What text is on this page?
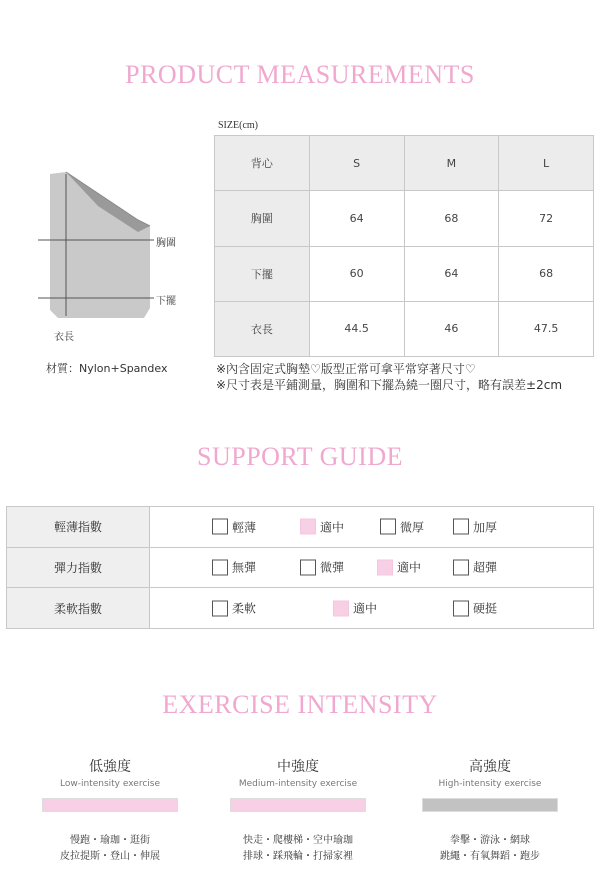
PRODUCT MEASUREMENTS
SUPPORT GUIDE
EXERCISE INTENSITY
胸圍
下擺
衣長
材質：Nylon+Spandex
SIZE(cm)
背心	S	M	L
胸圍	64	68	72
下擺	60	64	68
衣長	44.5	46	47.5
※內含固定式胸墊♡版型正常可拿平常穿著尺寸♡
※尺寸表是平鋪測量，胸圍和下擺為繞一圈尺寸，略有誤差±2cm
輕薄指數	輕薄 適中 微厚 加厚

彈力指數	無彈 微彈 適中 超彈

柔軟指數	柔軟 適中 硬挺
低強度
Low-intensity exercise
慢跑・瑜珈・逛街
皮拉提斯・登山・伸展
中強度
Medium-intensity exercise
快走・爬樓梯・空中瑜珈
排球・踩飛輪・打掃家裡
高強度
High-intensity exercise
拳擊・游泳・網球
跳繩・有氧舞蹈・跑步
